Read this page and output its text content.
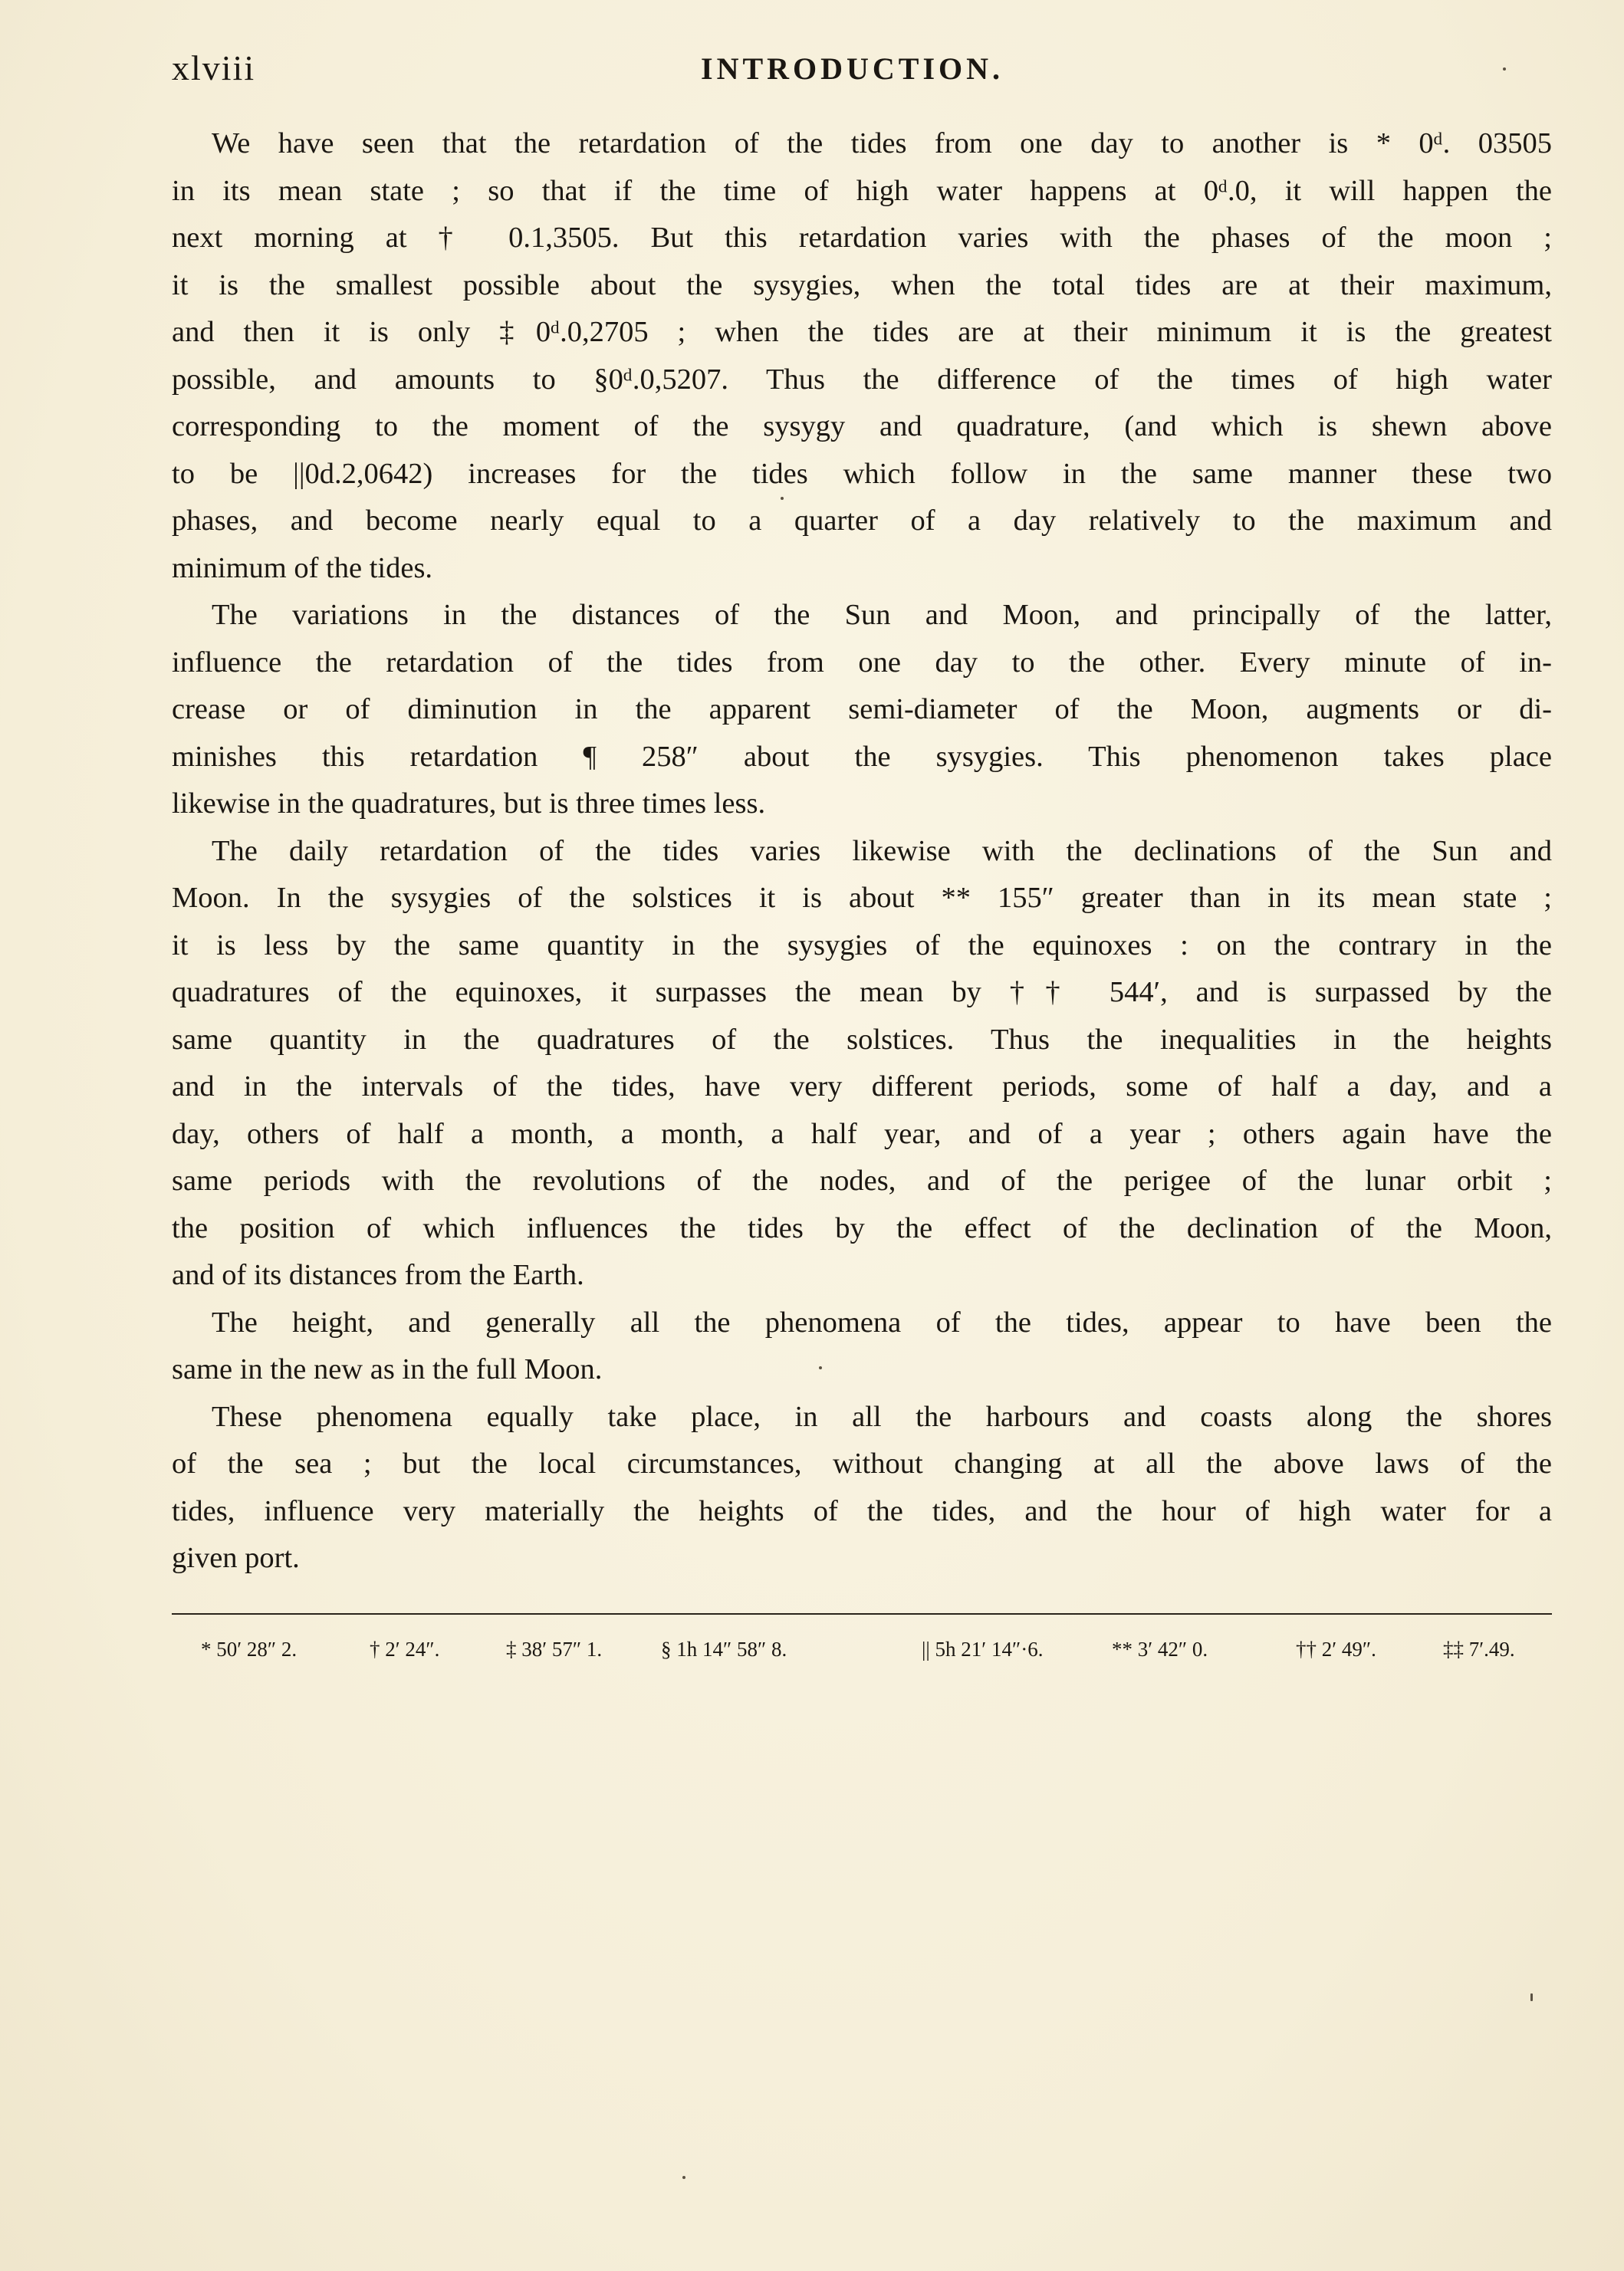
xlviii	INTRODUCTION.
We have seen that the retardation of the tides from one day to another is * 0ᵈ. 03505
in its mean state ; so that if the time of high water happens at 0ᵈ.0, it will happen the
next morning at † 0.1,3505. But this retardation varies with the phases of the moon ;
it is the smallest possible about the sysygies, when the total tides are at their maximum,
and then it is only ‡0ᵈ.0,2705 ; when the tides are at their minimum it is the greatest
possible, and amounts to §0ᵈ.0,5207. Thus the difference of the times of high water
corresponding to the moment of the sysygy and quadrature, (and which is shewn above
to be ||0d.2,0642) increases for the tides which follow in the same manner these two
phases, and become nearly equal to a quarter of a day relatively to the maximum and
minimum of the tides.
The variations in the distances of the Sun and Moon, and principally of the latter,
influence the retardation of the tides from one day to the other. Every minute of in-
crease or of diminution in the apparent semi-diameter of the Moon, augments or di-
minishes this retardation ¶ 258″ about the sysygies. This phenomenon takes place
likewise in the quadratures, but is three times less.
The daily retardation of the tides varies likewise with the declinations of the Sun and
Moon. In the sysygies of the solstices it is about ** 155″ greater than in its mean state ;
it is less by the same quantity in the sysygies of the equinoxes : on the contrary in the
quadratures of the equinoxes, it surpasses the mean by †† 544′, and is surpassed by the
same quantity in the quadratures of the solstices. Thus the inequalities in the heights
and in the intervals of the tides, have very different periods, some of half a day, and a
day, others of half a month, a month, a half year, and of a year ; others again have the
same periods with the revolutions of the nodes, and of the perigee of the lunar orbit ;
the position of which influences the tides by the effect of the declination of the Moon,
and of its distances from the Earth.
The height, and generally all the phenomena of the tides, appear to have been the
same in the new as in the full Moon.
These phenomena equally take place, in all the harbours and coasts along the shores
of the sea ; but the local circumstances, without changing at all the above laws of the
tides, influence very materially the heights of the tides, and the hour of high water for a
given port.
* 50′ 28″ 2.	† 2′ 24″.	‡ 38′ 57″ 1.	§ 1h 14″ 58″ 8.	|| 5h 21′ 14″·6.	** 3′ 42″ 0.	†† 2′ 49″.	‡‡ 7′.49.
